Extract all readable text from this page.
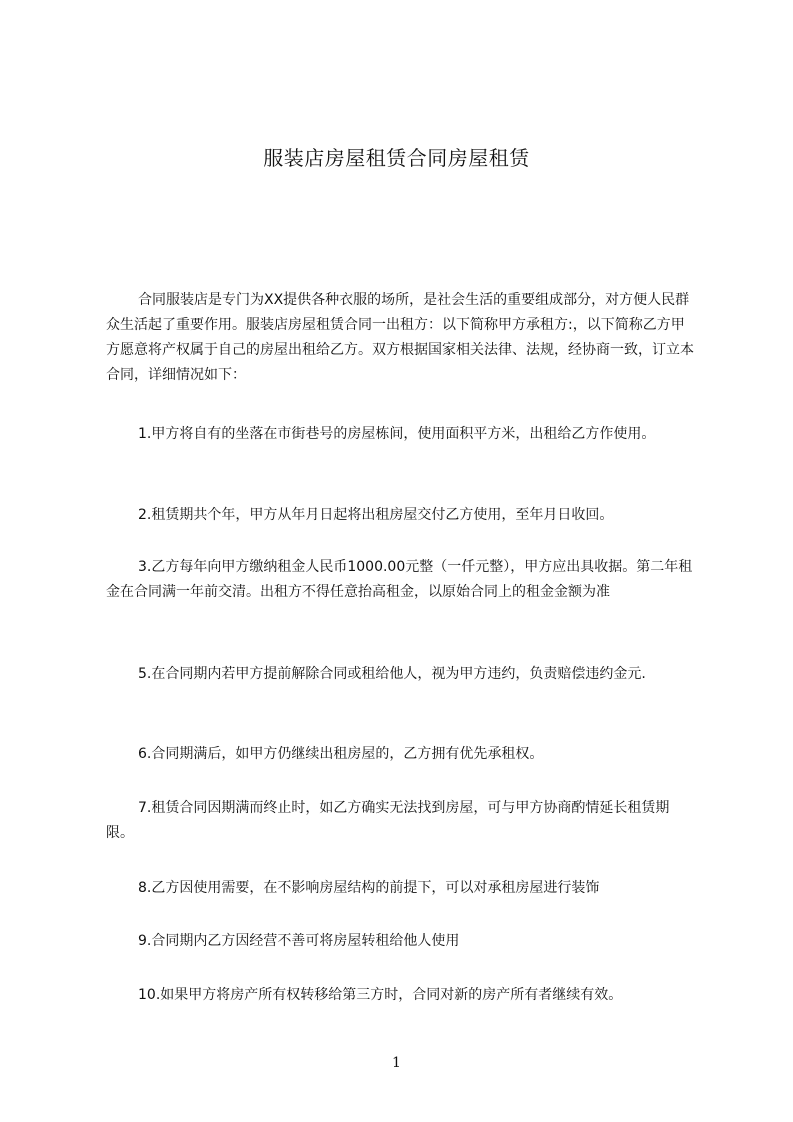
服装店房屋租赁合同房屋租赁
合同服装店是专门为XX提供各种衣服的场所，是社会生活的重要组成部分，对方便人民群众生活起了重要作用。服装店房屋租赁合同一出租方：以下简称甲方承租方:，以下简称乙方甲方愿意将产权属于自己的房屋出租给乙方。双方根据国家相关法律、法规，经协商一致，订立本合同，详细情况如下：
1.甲方将自有的坐落在市街巷号的房屋栋间，使用面积平方米，出租给乙方作使用。
2.租赁期共个年，甲方从年月日起将出租房屋交付乙方使用，至年月日收回。
3.乙方每年向甲方缴纳租金人民币1000.00元整（一仟元整），甲方应出具收据。第二年租金在合同满一年前交清。出租方不得任意抬高租金，以原始合同上的租金金额为准
5.在合同期内若甲方提前解除合同或租给他人，视为甲方违约，负责赔偿违约金元.
6.合同期满后，如甲方仍继续出租房屋的，乙方拥有优先承租权。
7.租赁合同因期满而终止时，如乙方确实无法找到房屋，可与甲方协商酌情延长租赁期限。
8.乙方因使用需要，在不影响房屋结构的前提下，可以对承租房屋进行装饰
9.合同期内乙方因经营不善可将房屋转租给他人使用
10.如果甲方将房产所有权转移给第三方时，合同对新的房产所有者继续有效。
1
